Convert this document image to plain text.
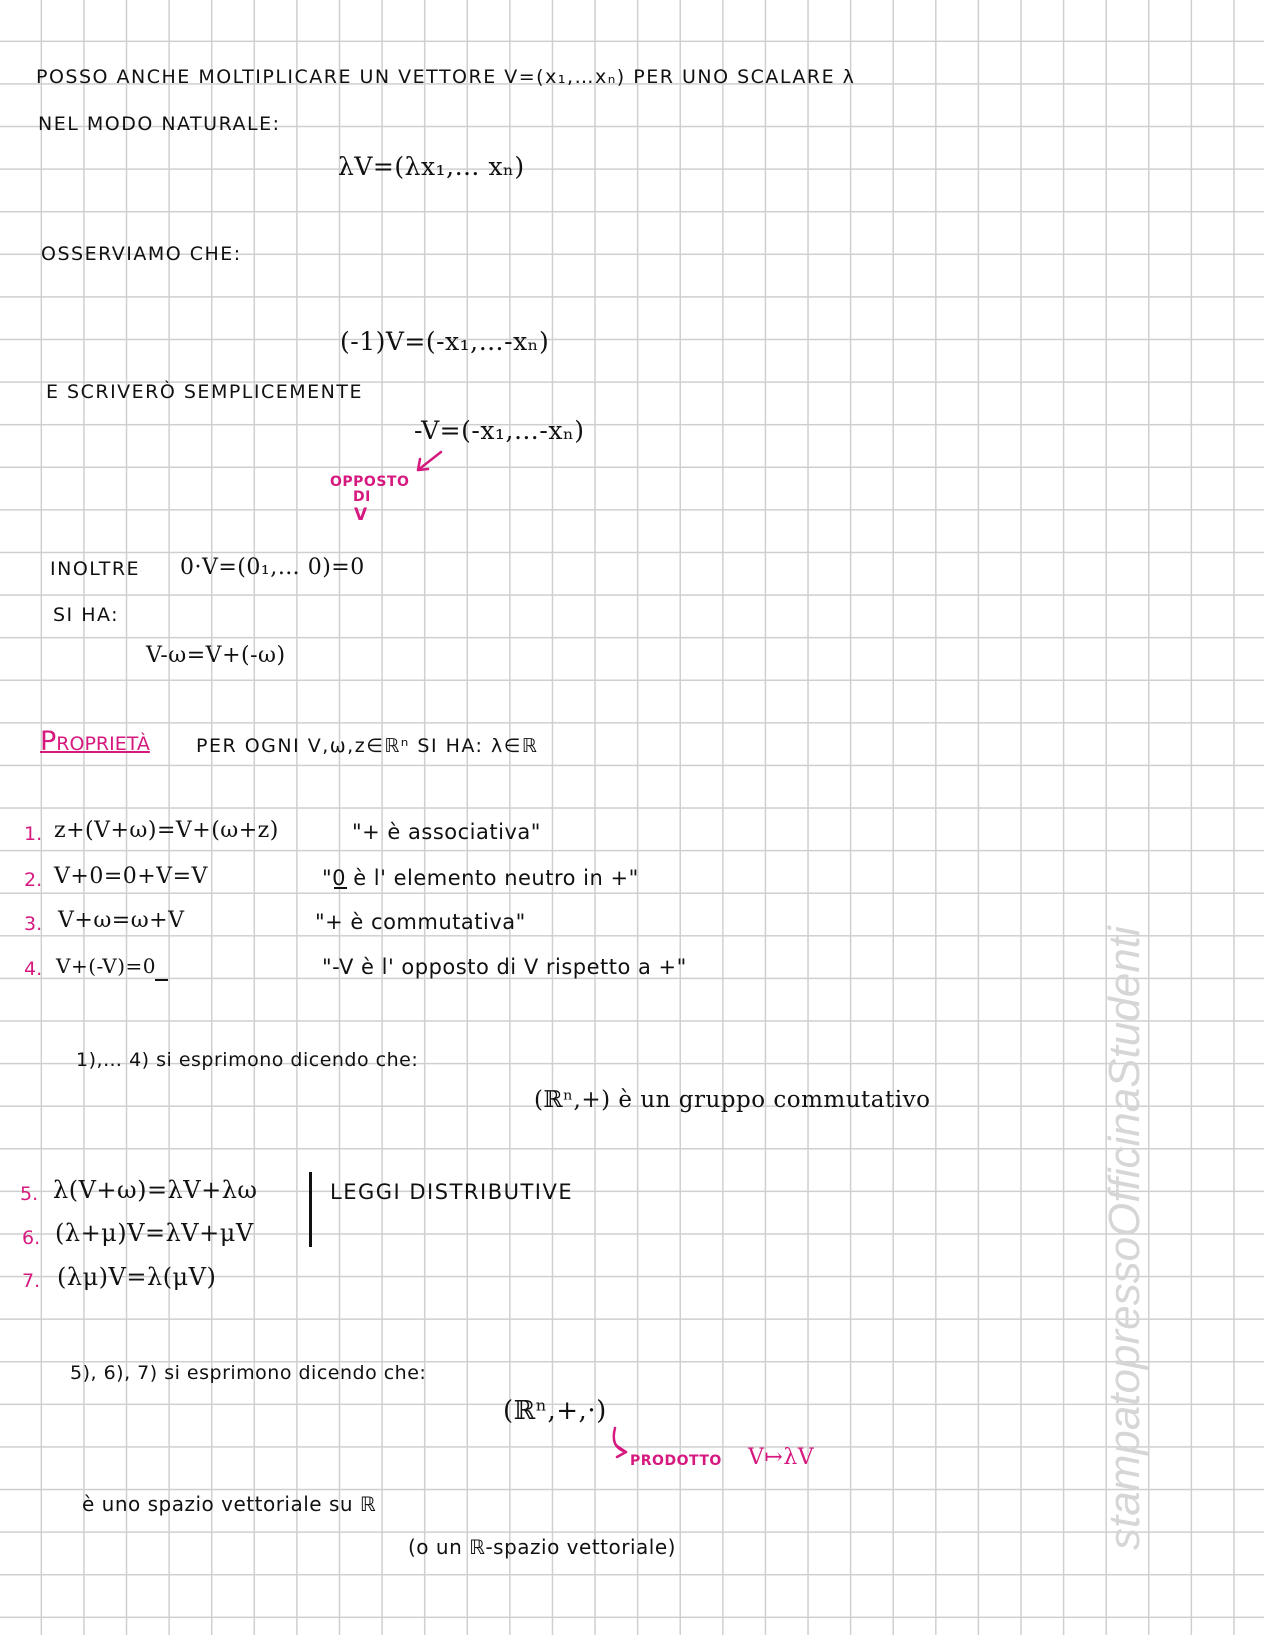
POSSO ANCHE MOLTIPLICARE UN VETTORE V=(x₁,…xₙ) PER UNO SCALARE λ
NEL MODO NATURALE:
λV=(λx₁,… xₙ)
OSSERVIAMO CHE:
(-1)V=(-x₁,…-xₙ)
E SCRIVERÒ SEMPLICEMENTE
-V=(-x₁,…-xₙ)
OPPOSTO
DI
V
INOLTRE 0·V=(0₁,… 0)=0
SI HA:
V-ω=V+(-ω)
Proprietà PER OGNI V,ω,z∈ℝⁿ SI HA: λ∈ℝ
1. z+(V+ω)=V+(ω+z)	"+ è associativa"
2. V+0=0+V=V	"0 è l' elemento neutro in +"
3. V+ω=ω+V	"+ è commutativa"
4. V+(-V)=0	"-V è l' opposto di V rispetto a +"
1),… 4) si esprimono dicendo che:
(ℝⁿ,+) è un gruppo commutativo
5. λ(V+ω)=λV+λω
6. (λ+μ)V=λV+μV
7. (λμ)V=λ(μV)
LEGGI DISTRIBUTIVE
5), 6), 7) si esprimono dicendo che:
(ℝⁿ,+,·)
PRODOTTO V↦λV
è uno spazio vettoriale su ℝ
(o un ℝ-spazio vettoriale)	stampatopressoOfficinaStudenti
